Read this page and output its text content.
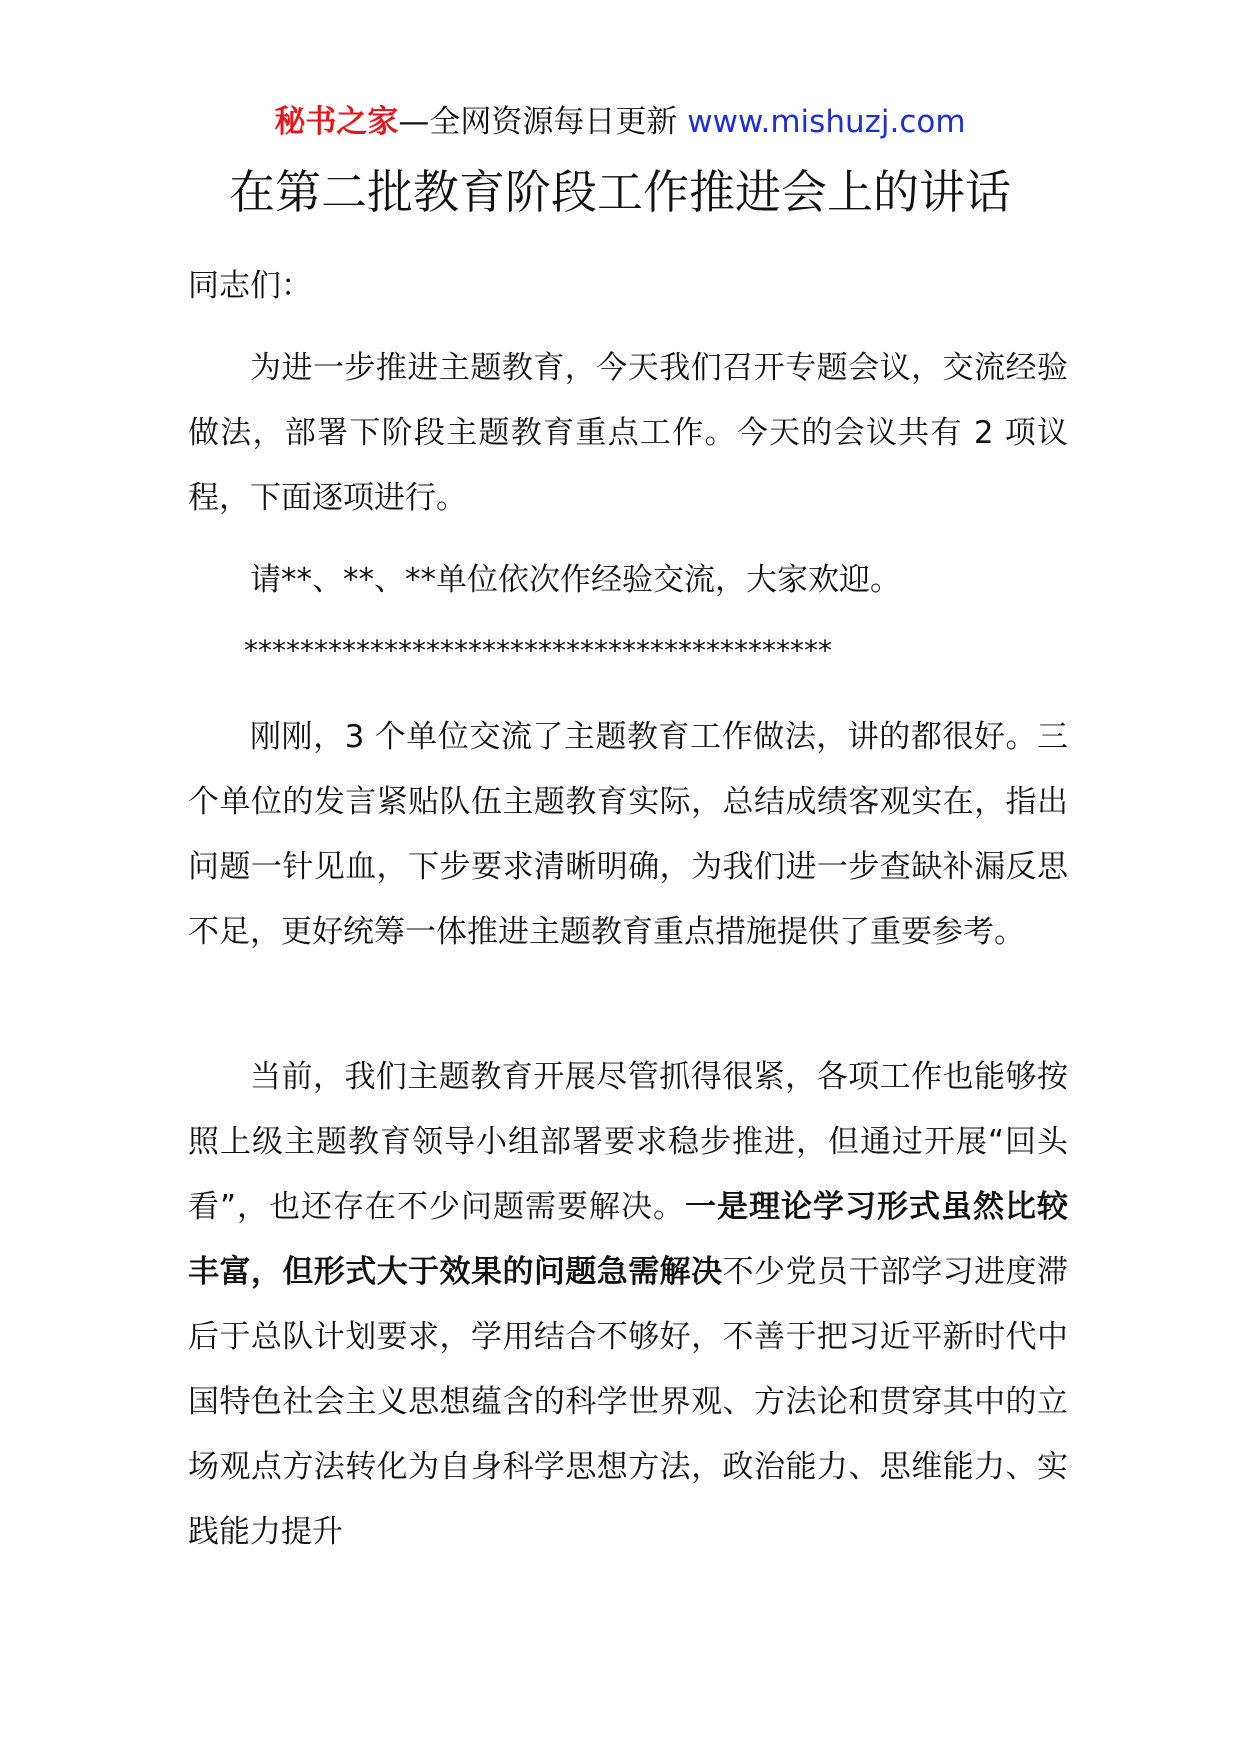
秘书之家—全网资源每日更新 www.mishuzj.com
在第二批教育阶段工作推进会上的讲话
同志们：

为进一步推进主题教育，今天我们召开专题会议，交流经验做法，部署下阶段主题教育重点工作。今天的会议共有 2 项议程，下面逐项进行。

请**、**、**单位依次作经验交流，大家欢迎。

******************************************

刚刚，3 个单位交流了主题教育工作做法，讲的都很好。三个单位的发言紧贴队伍主题教育实际，总结成绩客观实在，指出问题一针见血，下步要求清晰明确，为我们进一步查缺补漏反思不足，更好统筹一体推进主题教育重点措施提供了重要参考。

当前，我们主题教育开展尽管抓得很紧，各项工作也能够按照上级主题教育领导小组部署要求稳步推进，但通过开展“回头看”，也还存在不少问题需要解决。一是理论学习形式虽然比较丰富，但形式大于效果的问题急需解决不少党员干部学习进度滞后于总队计划要求，学用结合不够好，不善于把习近平新时代中国特色社会主义思想蕴含的科学世界观、方法论和贯穿其中的立场观点方法转化为自身科学思想方法，政治能力、思维能力、实践能力提升
